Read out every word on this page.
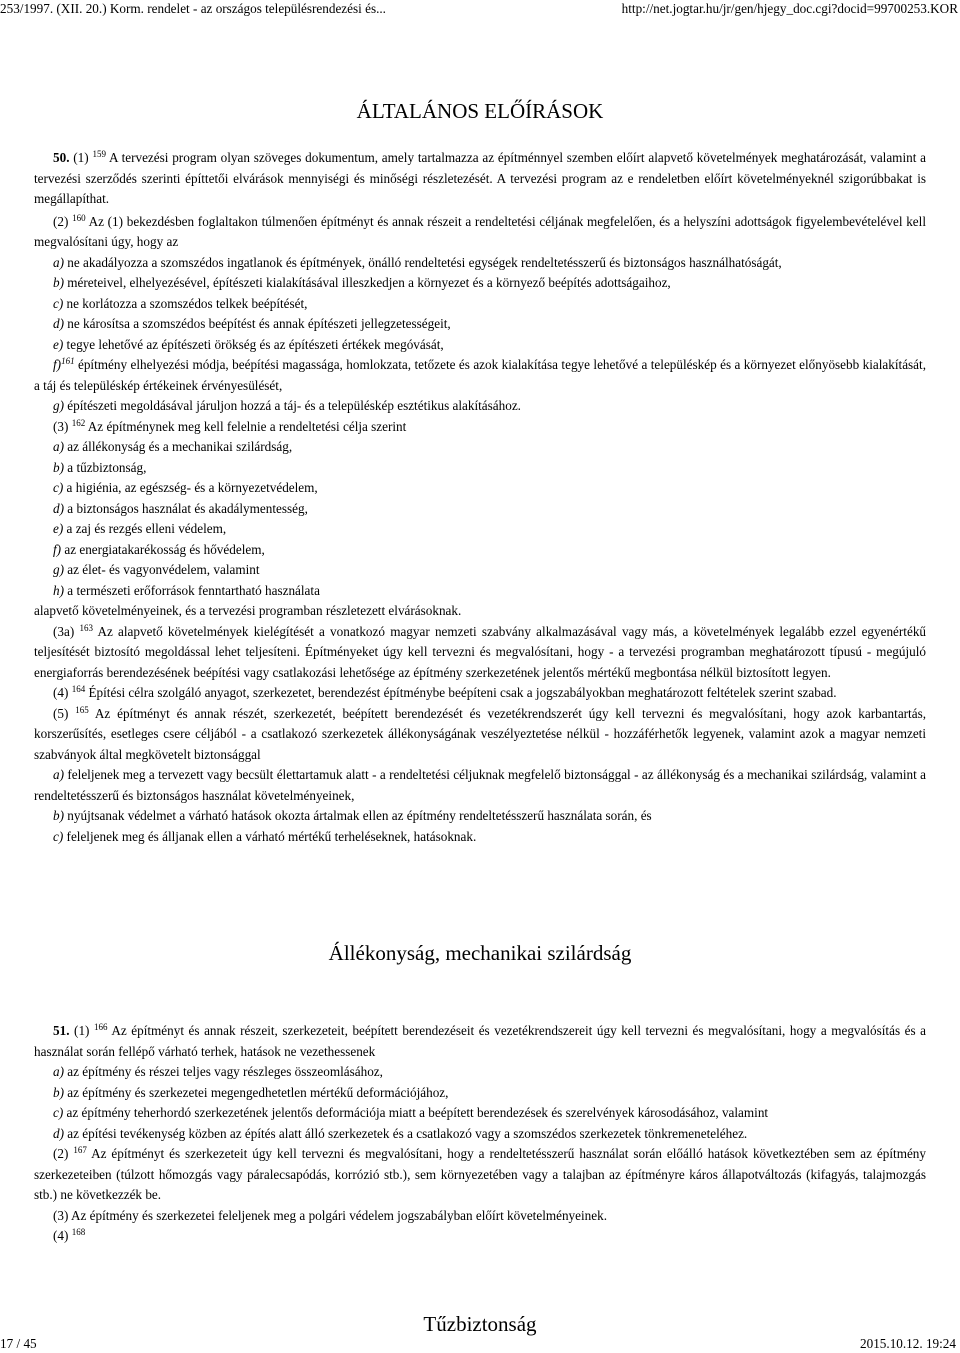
253/1997. (XII. 20.) Korm. rendelet - az országos településrendezési és...	http://net.jogtar.hu/jr/gen/hjegy_doc.cgi?docid=99700253.KOR
ÁLTALÁNOS ELŐÍRÁSOK

50. (1) $^{159}$ A tervezési program olyan szöveges dokumentum, amely tartalmazza az építménnyel szemben előírt alapvető követelmények meghatározását, valamint a tervezési szerződés szerinti építtetői elvárások mennyiségi és minőségi részletezését. A tervezési program az e rendeletben előírt követelményeknél szigorúbbakat is megállapíthat.

(2) $^{160}$ Az (1) bekezdésben foglaltakon túlmenően építményt és annak részeit a rendeltetési céljának megfelelően, és a helyszíni adottságok figyelembevételével kell megvalósítani úgy, hogy az

a) ne akadályozza a szomszédos ingatlanok és építmények, önálló rendeltetési egységek rendeltetésszerű és biztonságos használhatóságát,

b) méreteivel, elhelyezésével, építészeti kialakításával illeszkedjen a környezet és a környező beépítés adottságaihoz,

c) ne korlátozza a szomszédos telkek beépítését,

d) ne károsítsa a szomszédos beépítést és annak építészeti jellegzetességeit,

e) tegye lehetővé az építészeti örökség és az építészeti értékek megóvását,

f)$^{161}$ építmény elhelyezési módja, beépítési magassága, homlokzata, tetőzete és azok kialakítása tegye lehetővé a településkép és a környezet előnyösebb kialakítását, a táj és településkép értékeinek érvényesülését,

g) építészeti megoldásával járuljon hozzá a táj- és a településkép esztétikus alakításához.

(3) $^{162}$ Az építménynek meg kell felelnie a rendeltetési célja szerint

a) az állékonyság és a mechanikai szilárdság,

b) a tűzbiztonság,

c) a higiénia, az egészség- és a környezetvédelem,

d) a biztonságos használat és akadálymentesség,

e) a zaj és rezgés elleni védelem,

f) az energiatakarékosság és hővédelem,

g) az élet- és vagyonvédelem, valamint

h) a természeti erőforrások fenntartható használata

alapvető követelményeinek, és a tervezési programban részletezett elvárásoknak.

(3a) $^{163}$ Az alapvető követelmények kielégítését a vonatkozó magyar nemzeti szabvány alkalmazásával vagy más, a követelmények legalább ezzel egyenértékű teljesítését biztosító megoldással lehet teljesíteni. Építményeket úgy kell tervezni és megvalósítani, hogy - a tervezési programban meghatározott típusú - megújuló energiaforrás berendezésének beépítési vagy csatlakozási lehetősége az építmény szerkezetének jelentős mértékű megbontása nélkül biztosított legyen.

(4) $^{164}$ Építési célra szolgáló anyagot, szerkezetet, berendezést építménybe beépíteni csak a jogszabályokban meghatározott feltételek szerint szabad.

(5) $^{165}$ Az építményt és annak részét, szerkezetét, beépített berendezését és vezetékrendszerét úgy kell tervezni és megvalósítani, hogy azok karbantartás, korszerűsítés, esetleges csere céljából - a csatlakozó szerkezetek állékonyságának veszélyeztetése nélkül - hozzáférhetők legyenek, valamint azok a magyar nemzeti szabványok által megkövetelt biztonsággal

a) feleljenek meg a tervezett vagy becsült élettartamuk alatt - a rendeltetési céljuknak megfelelő biztonsággal - az állékonyság és a mechanikai szilárdság, valamint a rendeltetésszerű és biztonságos használat követelményeinek,

b) nyújtsanak védelmet a várható hatások okozta ártalmak ellen az építmény rendeltetésszerű használata során, és

c) feleljenek meg és álljanak ellen a várható mértékű terheléseknek, hatásoknak.

Állékonyság, mechanikai szilárdság

51. (1) $^{166}$ Az építményt és annak részeit, szerkezeteit, beépített berendezéseit és vezetékrendszereit úgy kell tervezni és megvalósítani, hogy a megvalósítás és a használat során fellépő várható terhek, hatások ne vezethessenek

a) az építmény és részei teljes vagy részleges összeomlásához,

b) az építmény és szerkezetei megengedhetetlen mértékű deformációjához,

c) az építmény teherhordó szerkezetének jelentős deformációja miatt a beépített berendezések és szerelvények károsodásához, valamint

d) az építési tevékenység közben az építés alatt álló szerkezetek és a csatlakozó vagy a szomszédos szerkezetek tönkremeneteléhez.

(2) $^{167}$ Az építményt és szerkezeteit úgy kell tervezni és megvalósítani, hogy a rendeltetésszerű használat során előálló hatások következtében sem az építmény szerkezeteiben (túlzott hőmozgás vagy páralecsapódás, korrózió stb.), sem környezetében vagy a talajban az építményre káros állapotváltozás (kifagyás, talajmozgás stb.) ne következzék be.

(3) Az építmény és szerkezetei feleljenek meg a polgári védelem jogszabályban előírt követelményeinek.

(4) $^{168}$

Tűzbiztonság
17 / 45	2015.10.12. 19:24
